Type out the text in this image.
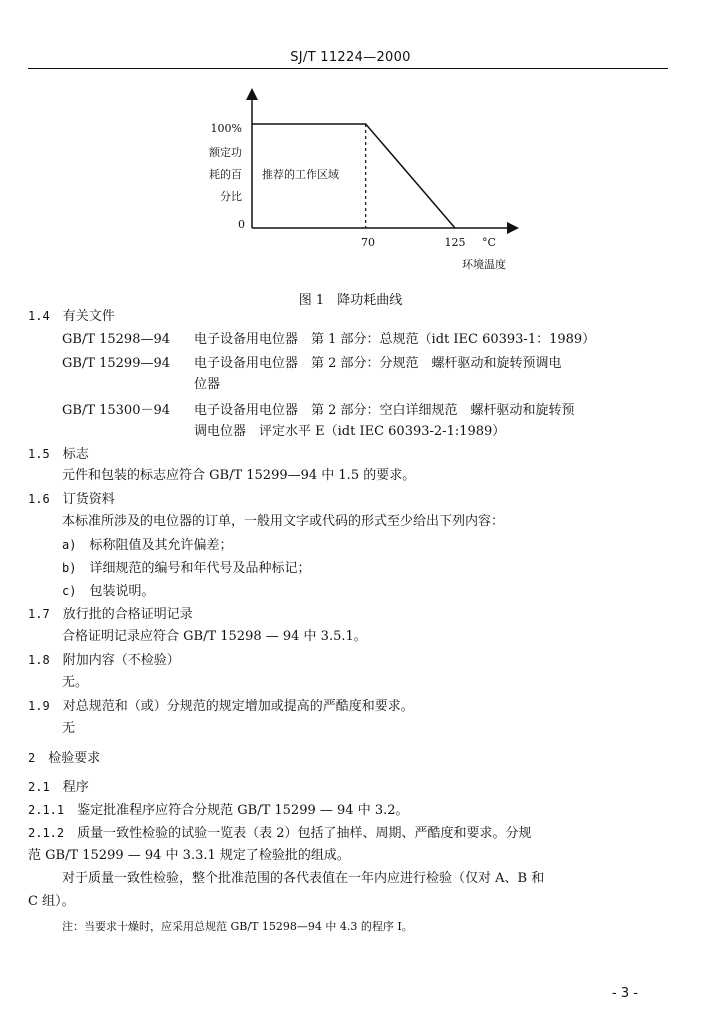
SJ/T 11224—2000
100%
额定功
耗的百
分比
0
推荐的工作区域
70	125 °C
环境温度
图 1　降功耗曲线
1.4　 有关文件
GB/T 15298—94 电子设备用电位器　第 1 部分：总规范（idt IEC 60393-1：1989）
GB/T 15299—94 电子设备用电位器　第 2 部分：分规范　螺杆驱动和旋转预调电
位器
GB/T 15300－94 电子设备用电位器　第 2 部分：空白详细规范　螺杆驱动和旋转预
调电位器　评定水平 E（idt IEC 60393-2-1:1989）
1.5　 标志
元件和包装的标志应符合 GB/T 15299—94 中 1.5 的要求。
1.6　 订货资料
本标准所涉及的电位器的订单，一般用文字或代码的形式至少给出下列内容：
a)　 标称阻值及其允许偏差；
b)　 详细规范的编号和年代号及品种标记；
c)　 包装说明。
1.7　 放行批的合格证明记录
合格证明记录应符合 GB/T 15298 — 94 中 3.5.1。
1.8　 附加内容（不检验）
无。
1.9　 对总规范和（或）分规范的规定增加或提高的严酷度和要求。
无
2　 检验要求
2.1　 程序
2.1.1　 鉴定批准程序应符合分规范 GB/T 15299 — 94 中 3.2。
2.1.2　 质量一致性检验的试验一览表（表 2）包括了抽样、周期、严酷度和要求。分规
范 GB/T 15299 — 94 中 3.3.1 规定了检验批的组成。
对于质量一致性检验，整个批准范围的各代表值在一年内应进行检验（仅对 A、B 和
C 组）。
注：当要求十燥时，应采用总规范 GB/T 15298—94 中 4.3 的程序 I。
- 3 -
